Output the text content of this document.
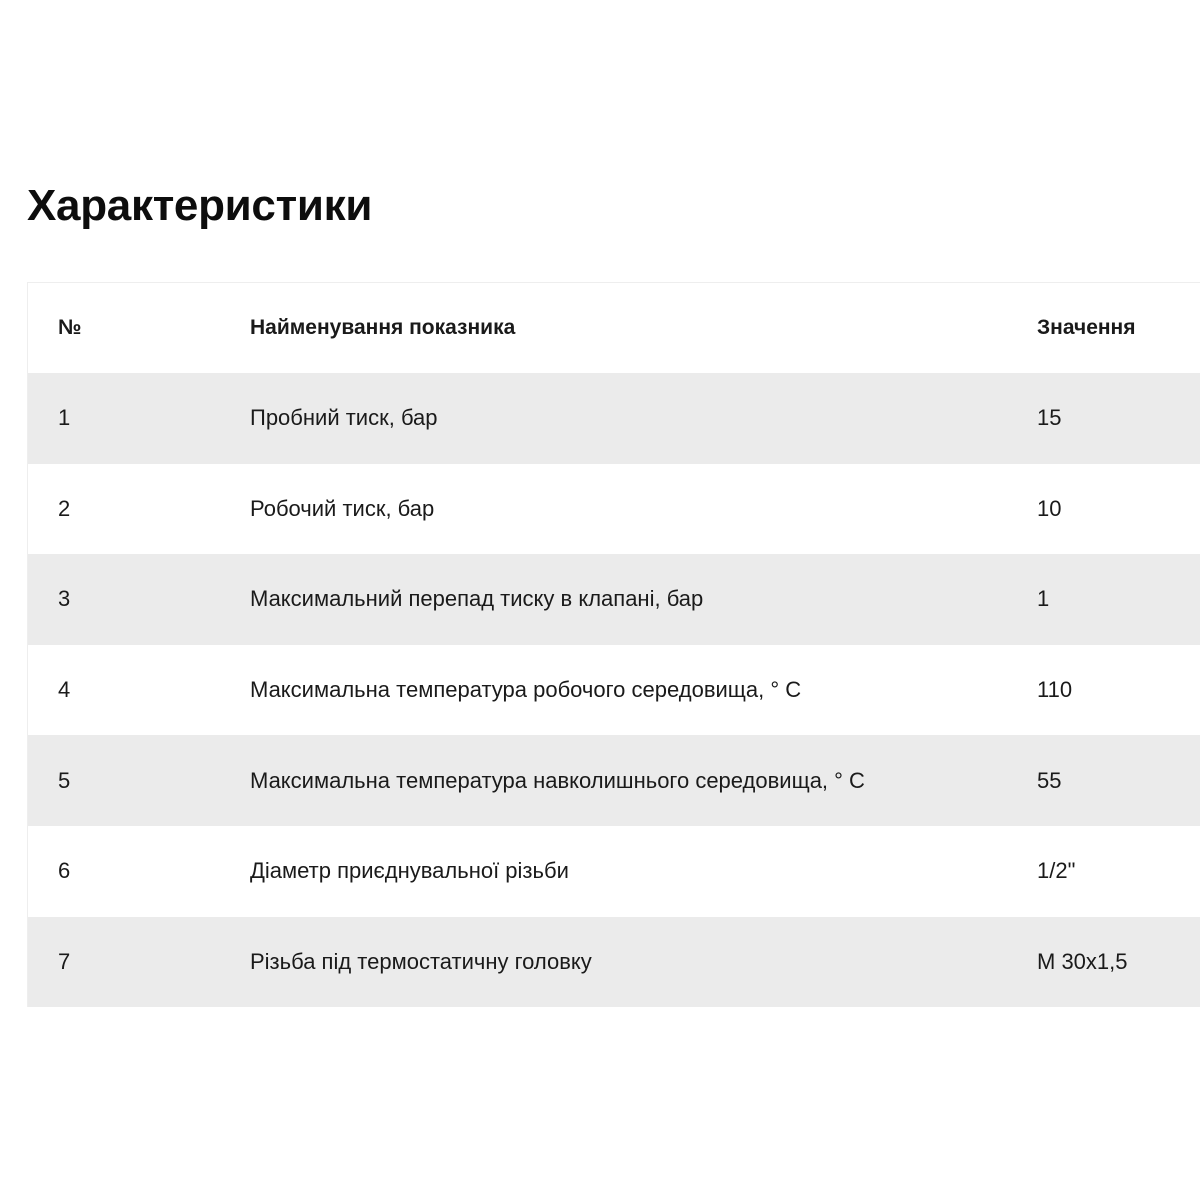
Характеристики
№	Найменування показника	Значення
1	Пробний тиск, бар	15
2	Робочий тиск, бар	10
3	Максимальний перепад тиску в клапані, бар	1
4	Максимальна температура робочого середовища, ° C	110
5	Максимальна температура навколишнього середовища, ° C	55
6	Діаметр приєднувальної різьби	1/2"
7	Різьба під термостатичну головку	M 30x1,5
